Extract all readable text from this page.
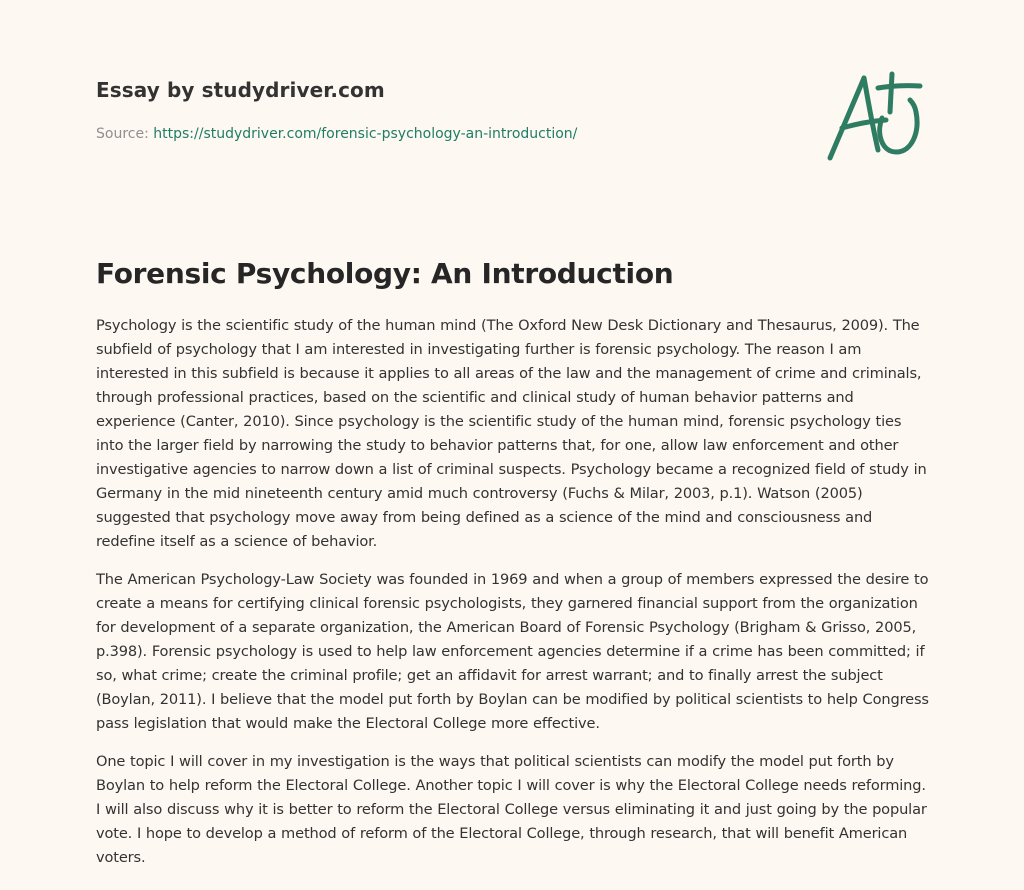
Essay by studydriver.com
Source: https://studydriver.com/forensic-psychology-an-introduction/
Forensic Psychology: An Introduction

Psychology is the scientific study of the human mind (The Oxford New Desk Dictionary and Thesaurus, 2009). The subfield of psychology that I am interested in investigating further is forensic psychology. The reason I am interested in this subfield is because it applies to all areas of the law and the management of crime and criminals, through professional practices, based on the scientific and clinical study of human behavior patterns and experience (Canter, 2010). Since psychology is the scientific study of the human mind, forensic psychology ties into the larger field by narrowing the study to behavior patterns that, for one, allow law enforcement and other investigative agencies to narrow down a list of criminal suspects. Psychology became a recognized field of study in Germany in the mid nineteenth century amid much controversy (Fuchs & Milar, 2003, p.1). Watson (2005) suggested that psychology move away from being defined as a science of the mind and consciousness and redefine itself as a science of behavior.

The American Psychology-Law Society was founded in 1969 and when a group of members expressed the desire to create a means for certifying clinical forensic psychologists, they garnered financial support from the organization for development of a separate organization, the American Board of Forensic Psychology (Brigham & Grisso, 2005, p.398). Forensic psychology is used to help law enforcement agencies determine if a crime has been committed; if so, what crime; create the criminal profile; get an affidavit for arrest warrant; and to finally arrest the subject (Boylan, 2011). I believe that the model put forth by Boylan can be modified by political scientists to help Congress pass legislation that would make the Electoral College more effective.

One topic I will cover in my investigation is the ways that political scientists can modify the model put forth by Boylan to help reform the Electoral College. Another topic I will cover is why the Electoral College needs reforming. I will also discuss why it is better to reform the Electoral College versus eliminating it and just going by the popular vote. I hope to develop a method of reform of the Electoral College, through research, that will benefit American voters.
